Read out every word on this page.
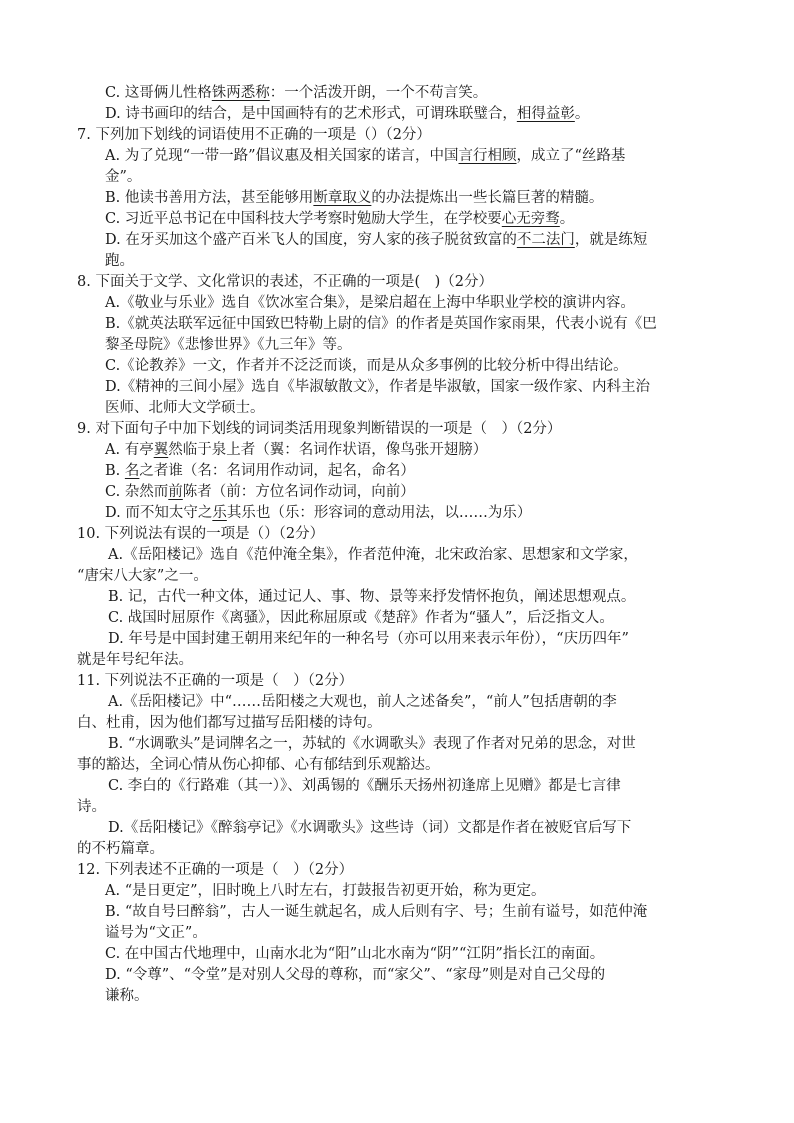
C. 这哥俩儿性格铢两悉称：一个活泼开朗，一个不苟言笑。
D. 诗书画印的结合，是中国画特有的艺术形式，可谓珠联璧合，相得益彰。
7. 下列加下划线的词语使用不正确的一项是（）（2分）
A. 为了兑现“一带一路”倡议惠及相关国家的诺言，中国言行相顾，成立了“丝路基
金”。
B. 他读书善用方法，甚至能够用断章取义的办法提炼出一些长篇巨著的精髓。
C. 习近平总书记在中国科技大学考察时勉励大学生，在学校要心无旁骛。
D. 在牙买加这个盛产百米飞人的国度，穷人家的孩子脱贫致富的不二法门，就是练短
跑。
8. 下面关于文学、文化常识的表述，不正确的一项是(　)（2分）
A.《敬业与乐业》选自《饮冰室合集》，是梁启超在上海中华职业学校的演讲内容。
B.《就英法联军远征中国致巴特勒上尉的信》的作者是英国作家雨果，代表小说有《巴
黎圣母院》《悲惨世界》《九三年》等。
C.《论教养》一文，作者并不泛泛而谈，而是从众多事例的比较分析中得出结论。
D.《精神的三间小屋》选自《毕淑敏散文》，作者是毕淑敏，国家一级作家、内科主治
医师、北师大文学硕士。
9. 对下面句子中加下划线的词词类活用现象判断错误的一项是（　）（2分）
A. 有亭翼然临于泉上者（翼：名词作状语，像鸟张开翅膀）
B. 名之者谁（名：名词用作动词，起名，命名）
C. 杂然而前陈者（前：方位名词作动词，向前）
D. 而不知太守之乐其乐也（乐：形容词的意动用法，以……为乐）
10. 下列说法有误的一项是（）（2分）
A.《岳阳楼记》选自《范仲淹全集》，作者范仲淹，北宋政治家、思想家和文学家，
“唐宋八大家”之一。
B. 记，古代一种文体，通过记人、事、物、景等来抒发情怀抱负，阐述思想观点。
C. 战国时屈原作《离骚》，因此称屈原或《楚辞》作者为“骚人”，后泛指文人。
D. 年号是中国封建王朝用来纪年的一种名号（亦可以用来表示年份），“庆历四年”
就是年号纪年法。
11. 下列说法不正确的一项是（　）（2分）
A.《岳阳楼记》中“……岳阳楼之大观也，前人之述备矣”，“前人”包括唐朝的李
白、杜甫，因为他们都写过描写岳阳楼的诗句。
B. “水调歌头”是词牌名之一，苏轼的《水调歌头》表现了作者对兄弟的思念，对世
事的豁达，全词心情从伤心抑郁、心有郁结到乐观豁达。
C. 李白的《行路难（其一）》、刘禹锡的《酬乐天扬州初逢席上见赠》都是七言律
诗。
D.《岳阳楼记》《醉翁亭记》《水调歌头》这些诗（词）文都是作者在被贬官后写下
的不朽篇章。
12. 下列表述不正确的一项是（　）（2分）
A. “是日更定”，旧时晚上八时左右，打鼓报告初更开始，称为更定。
B. “故自号曰醉翁”，古人一诞生就起名，成人后则有字、号；生前有谥号，如范仲淹
谥号为“文正”。
C. 在中国古代地理中，山南水北为“阳”山北水南为“阴”“江阴”指长江的南面。
D. “令尊”、“令堂”是对别人父母的尊称，而“家父”、“家母”则是对自己父母的
谦称。
